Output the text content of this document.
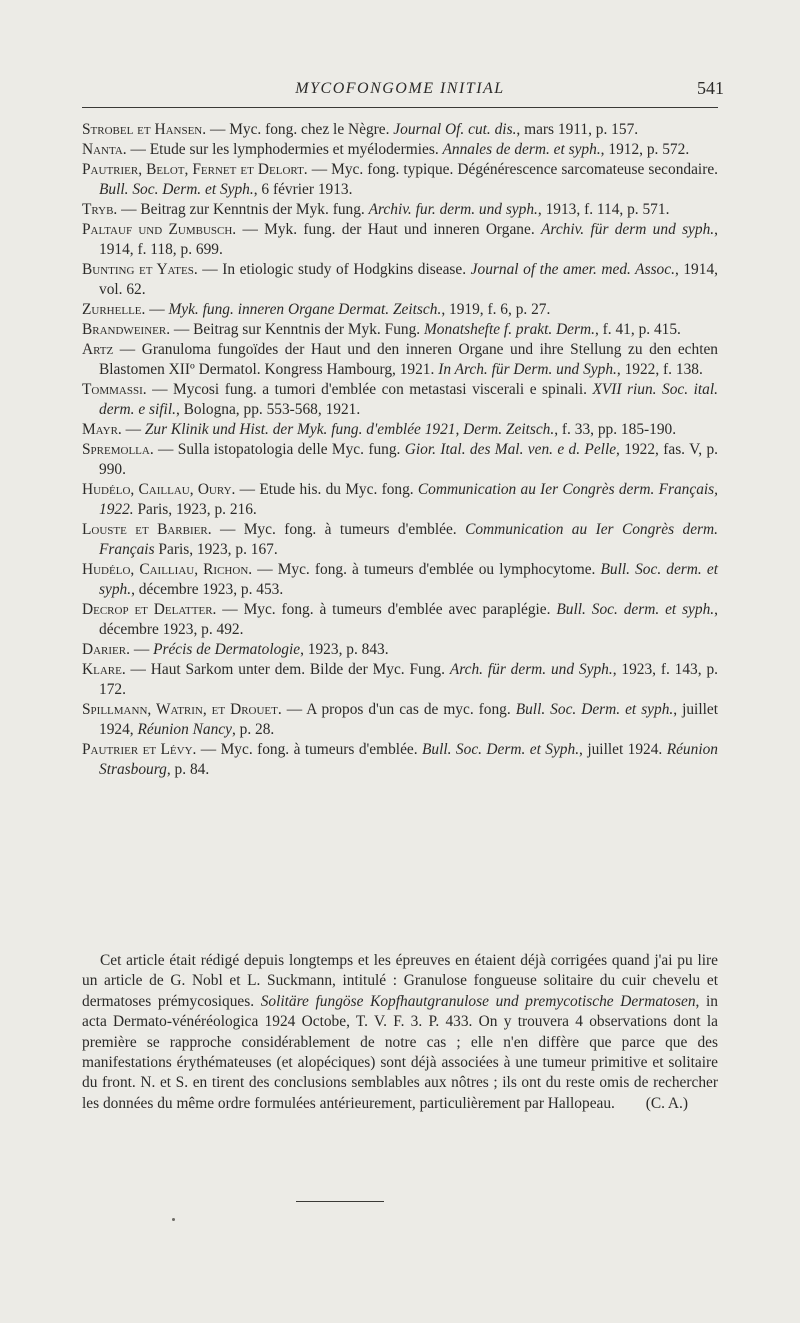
MYCOFONGOME INITIAL	541

Strobel et Hansen. — Myc. fong. chez le Nègre. Journal Of. cut. dis., mars 1911, p. 157.

Nanta. — Etude sur les lymphodermies et myélodermies. Annales de derm. et syph., 1912, p. 572.

Pautrier, Belot, Fernet et Delort. — Myc. fong. typique. Dégénérescence sarcomateuse secondaire. Bull. Soc. Derm. et Syph., 6 février 1913.

Tryb. — Beitrag zur Kenntnis der Myk. fung. Archiv. fur. derm. und syph., 1913, f. 114, p. 571.

Paltauf und Zumbusch. — Myk. fung. der Haut und inneren Organe. Archiv. für derm und syph., 1914, f. 118, p. 699.

Bunting et Yates. — In etiologic study of Hodgkins disease. Journal of the amer. med. Assoc., 1914, vol. 62.

Zurhelle. — Myk. fung. inneren Organe Dermat. Zeitsch., 1919, f. 6, p. 27.

Brandweiner. — Beitrag sur Kenntnis der Myk. Fung. Monatshefte f. prakt. Derm., f. 41, p. 415.

Artz — Granuloma fungoïdes der Haut und den inneren Organe und ihre Stellung zu den echten Blastomen XIIº Dermatol. Kongress Hambourg, 1921. In Arch. für Derm. und Syph., 1922, f. 138.

Tommassi. — Mycosi fung. a tumori d'emblée con metastasi viscerali e spinali. XVII riun. Soc. ital. derm. e sifil., Bologna, pp. 553-568, 1921.

Mayr. — Zur Klinik und Hist. der Myk. fung. d'emblée 1921, Derm. Zeitsch., f. 33, pp. 185-190.

Spremolla. — Sulla istopatologia delle Myc. fung. Gior. Ital. des Mal. ven. e d. Pelle, 1922, fas. V, p. 990.

Hudélo, Caillau, Oury. — Etude his. du Myc. fong. Communication au Ier Congrès derm. Français, 1922. Paris, 1923, p. 216.

Louste et Barbier. — Myc. fong. à tumeurs d'emblée. Communication au Ier Congrès derm. Français Paris, 1923, p. 167.

Hudélo, Cailliau, Richon. — Myc. fong. à tumeurs d'emblée ou lymphocytome. Bull. Soc. derm. et syph., décembre 1923, p. 453.

Decrop et Delatter. — Myc. fong. à tumeurs d'emblée avec paraplégie. Bull. Soc. derm. et syph., décembre 1923, p. 492.

Darier. — Précis de Dermatologie, 1923, p. 843.

Klare. — Haut Sarkom unter dem. Bilde der Myc. Fung. Arch. für derm. und Syph., 1923, f. 143, p. 172.

Spillmann, Watrin, et Drouet. — A propos d'un cas de myc. fong. Bull. Soc. Derm. et syph., juillet 1924, Réunion Nancy, p. 28.

Pautrier et Lévy. — Myc. fong. à tumeurs d'emblée. Bull. Soc. Derm. et Syph., juillet 1924. Réunion Strasbourg, p. 84.

Cet article était rédigé depuis longtemps et les épreuves en étaient déjà corrigées quand j'ai pu lire un article de G. Nobl et L. Suckmann, intitulé : Granulose fongueuse solitaire du cuir chevelu et dermatoses prémycosiques. Solitäre fungöse Kopfhautgranulose und premycotische Dermatosen, in acta Dermato-vénéréologica 1924 Octobe, T. V. F. 3. P. 433. On y trouvera 4 observations dont la première se rapproche considérablement de notre cas ; elle n'en diffère que parce que des manifestations érythémateuses (et alopéciques) sont déjà associées à une tumeur primitive et solitaire du front. N. et S. en tirent des conclusions semblables aux nôtres ; ils ont du reste omis de rechercher les données du même ordre formulées antérieurement, particulièrement par Hallopeau. (C. A.)
